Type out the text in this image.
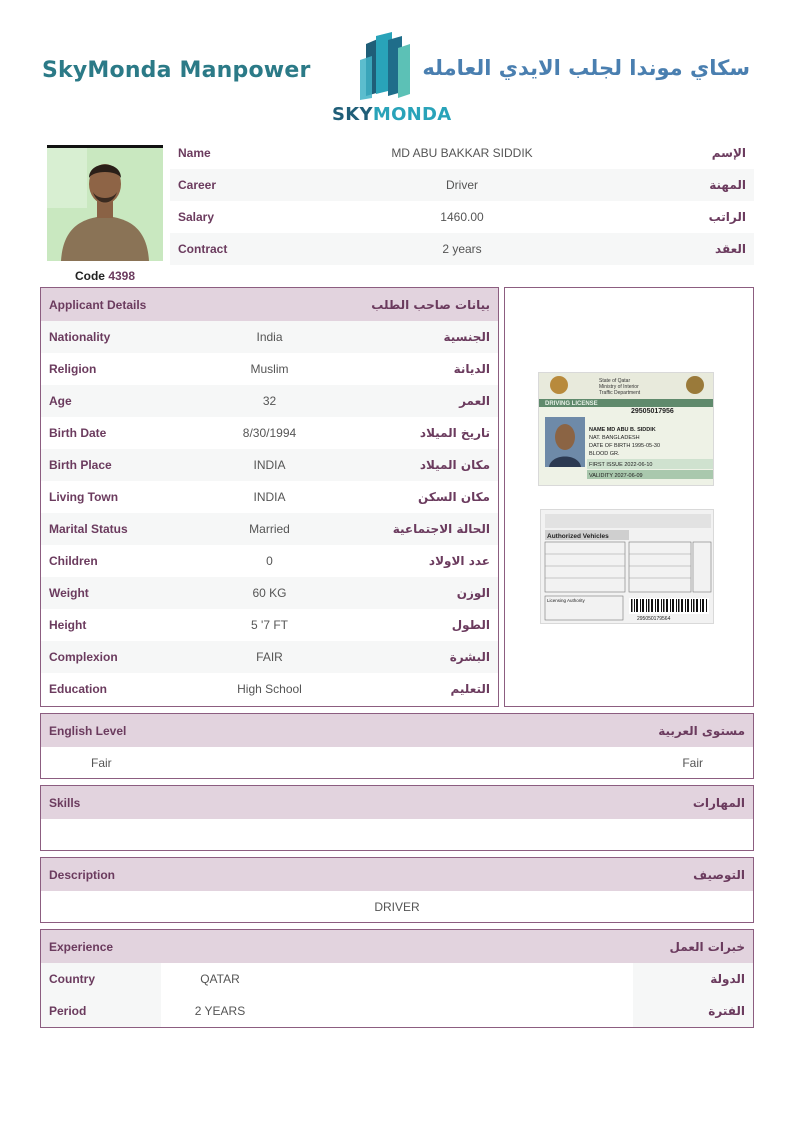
SkyMonda Manpower
SKYMONDA
سكاي موندا لجلب الايدي العامله
Code 4398
Name	MD ABU BAKKAR SIDDIK	الإسم
Career	Driver	المهنة
Salary	1460.00	الراتب
Contract	2 years	العقد
Applicant Details	بيانات صاحب الطلب
Nationality	India	الجنسية
Religion	Muslim	الديانة
Age	32	العمر
Birth Date	8/30/1994	تاريخ الميلاد
Birth Place	INDIA	مكان الميلاد
Living Town	INDIA	مكان السكن
Marital Status	Married	الحالة الاجتماعية
Children	0	عدد الاولاد
Weight	60 KG	الوزن
Height	5 '7 FT	الطول
Complexion	FAIR	البشرة
Education	High School	التعليم
State of Qatar
Ministry of Interior
Traffic Department
DRIVING LICENSE
29505017956
NAME MD ABU B. SIDDIK
NAT. BANGLADESH
DATE OF BIRTH 1995-05-30
BLOOD GR.
FIRST ISSUE 2022-06-10
VALIDITY 2027-06-09
Authorized Vehicles
Licensing Authority
295050179564
English Level	مستوى العربية
Fair	Fair
Skills	المهارات
Description	التوصيف
DRIVER
Experience	خبرات العمل
Country	QATAR	الدولة
Period	2 YEARS	الفترة
